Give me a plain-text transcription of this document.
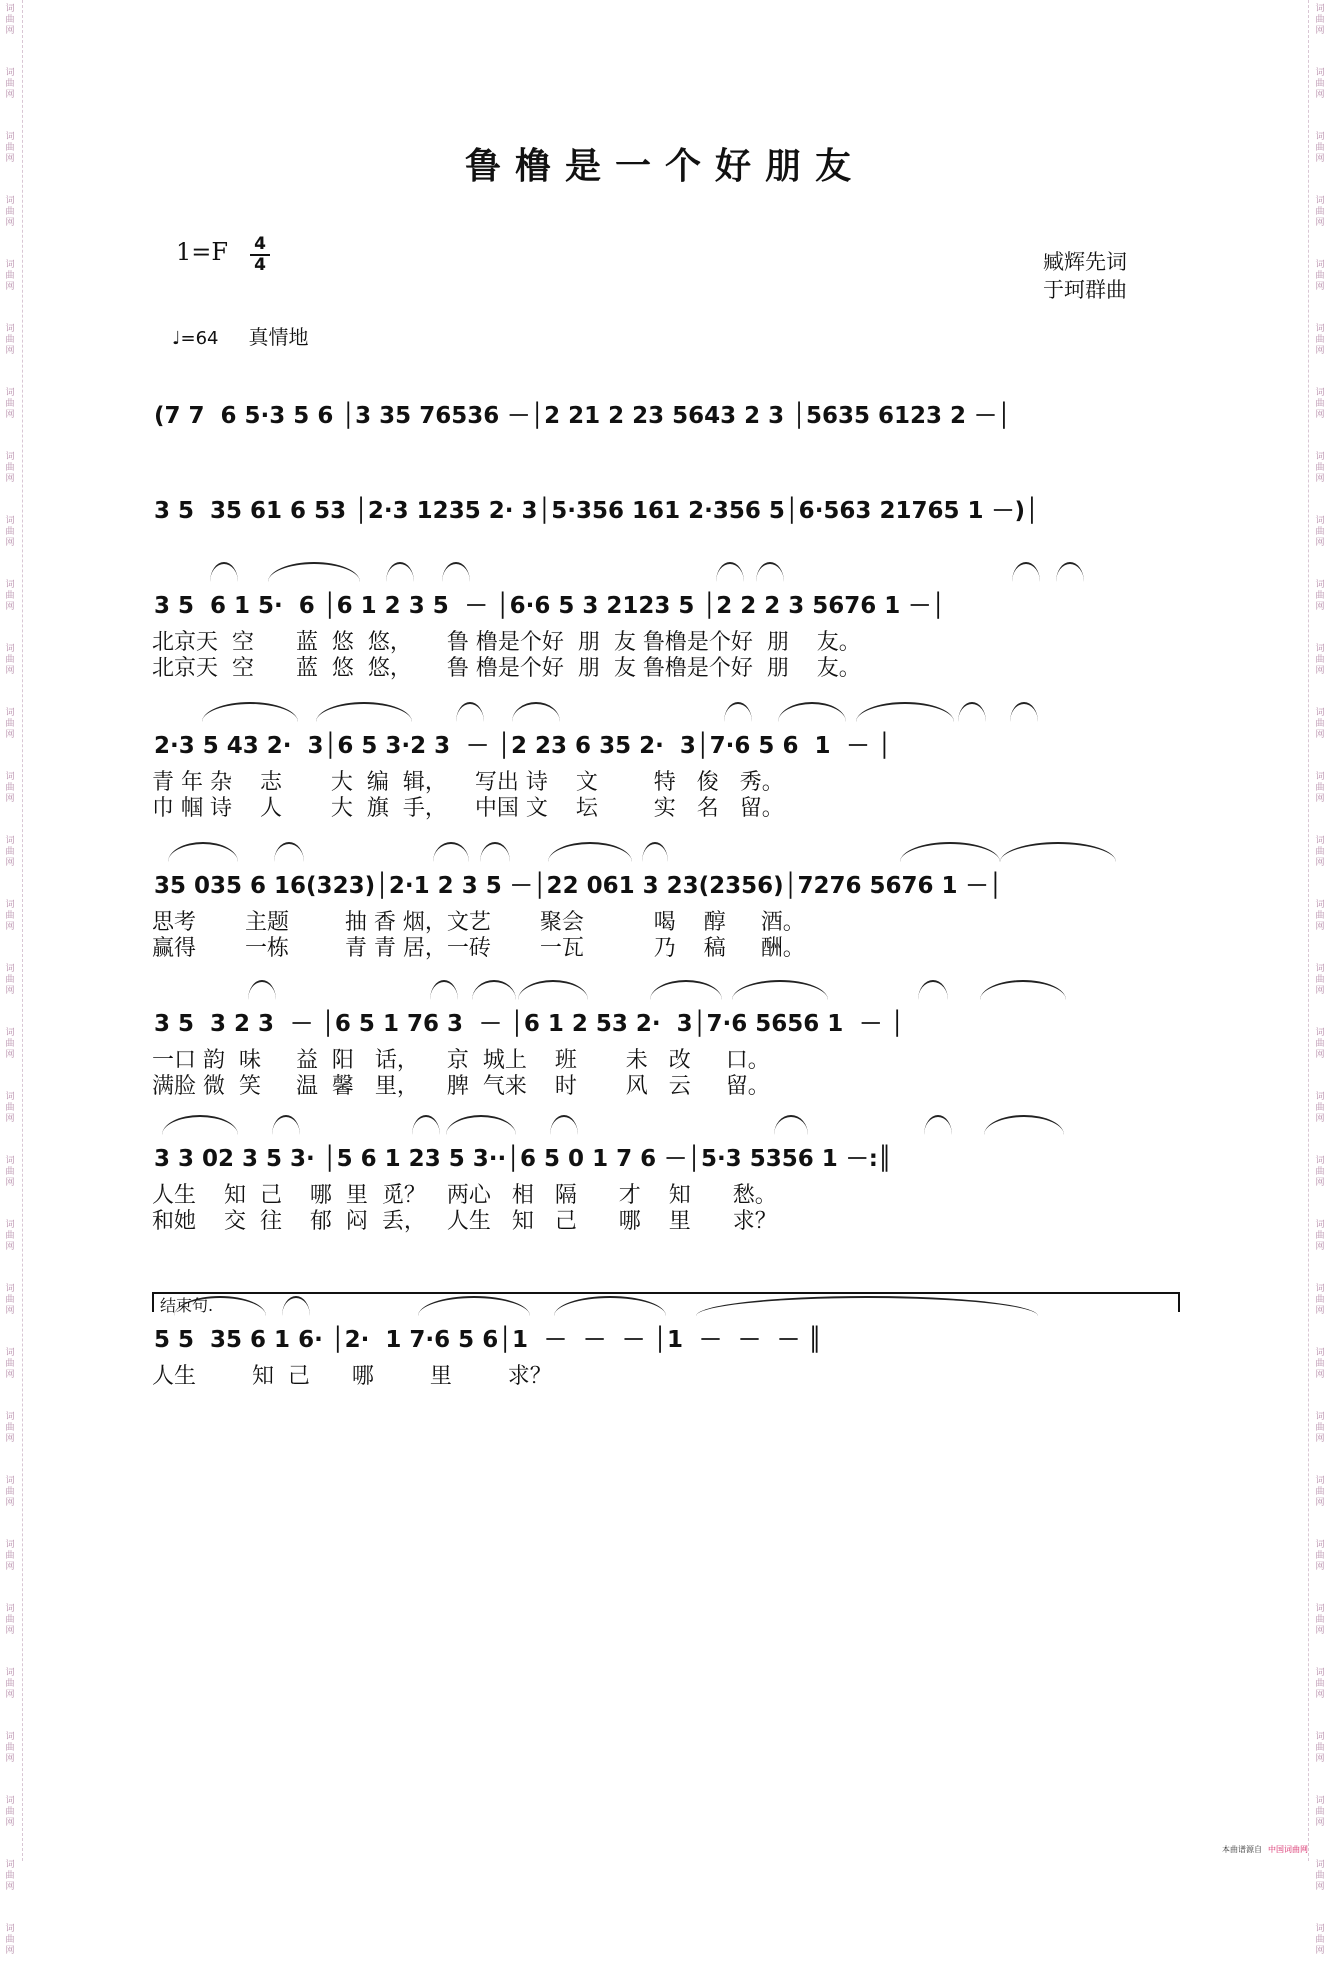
词
曲
网
词
曲
网
词
曲
网
词
曲
网
词
曲
网
词
曲
网
词
曲
网
词
曲
网
词
曲
网
词
曲
网
词
曲
网
词
曲
网
词
曲
网
词
曲
网
词
曲
网
词
曲
网
词
曲
网
词
曲
网
词
曲
网
词
曲
网
词
曲
网
词
曲
网
词
曲
网
词
曲
网
词
曲
网
词
曲
网
词
曲
网
词
曲
网
词
曲
网
词
曲
网
词
曲
网
词
曲
网
词
曲
网
词
曲
网
词
曲
网
词
曲
网
词
曲
网
词
曲
网
词
曲
网
词
曲
网
词
曲
网
词
曲
网
词
曲
网
词
曲
网
词
曲
网
词
曲
网
词
曲
网
词
曲
网
词
曲
网
词
曲
网
词
曲
网
词
曲
网
词
曲
网
词
曲
网
词
曲
网
词
曲
网
词
曲
网
词
曲
网
词
曲
网
词
曲
网
词
曲
网
词
曲
网
鲁橹是一个好朋友
1=F 4
4	臧辉先词
于珂群曲
♩=64 真情地
(7 7  6 5·3 5 6 │3 35 76536 －│2 21 2 23 5643 2 3 │5635 6123 2 －│
3 5  35 61 6 53 │2·3 1235 2· 3│5·356 161 2·356 5│6·563 21765 1 －)│
3 5  6 1 5·  6 │6 1 2 3 5  － │6·6 5 3 2123 5 │2 2 2 3 5676 1 －│
北京天  空      蓝  悠  悠，     鲁 橹是个好  朋  友 鲁橹是个好  朋    友。
北京天  空      蓝  悠  悠，     鲁 橹是个好  朋  友 鲁橹是个好  朋    友。
2·3 5 43 2·  3│6 5 3·2 3  － │2 23 6 35 2·  3│7·6 5 6  1  － │
青 年 杂    志       大  编  辑，    写出 诗    文        特   俊   秀。
巾 帼 诗    人       大  旗  手，    中国 文    坛        实   名   留。
35 035 6 16(323)│2·1 2 3 5 －│22 061 3 23(2356)│7276 5676 1 －│
思考       主题        抽 香 烟，文艺       聚会          喝    醇     酒。
赢得       一栋        青 青 居，一砖       一瓦          乃    稿     酬。
3 5  3 2 3  － │6 5 1 76 3  － │6 1 2 53 2·  3│7·6 5656 1  － │
一口 韵  味     益  阳   话，    京  城上    班       未   改     口。
满脸 微  笑     温  馨   里，    脾  气来    时       风   云     留。
3 3 02 3 5 3· │5 6 1 23 5 3··│6 5 0 1 7 6 －│5·3 5356 1 －:║
人生    知  己    哪  里  觅？   两心   相   隔      才    知      愁。
和她    交  往    郁  闷  丢，   人生   知   己      哪    里      求？
5 5  35 6 1 6· │2·  1 7·6 5 6│1  －  －  － │1  －  －  － ║
人生        知  己      哪        里        求？
结束句.
本曲谱源自 中国词曲网
